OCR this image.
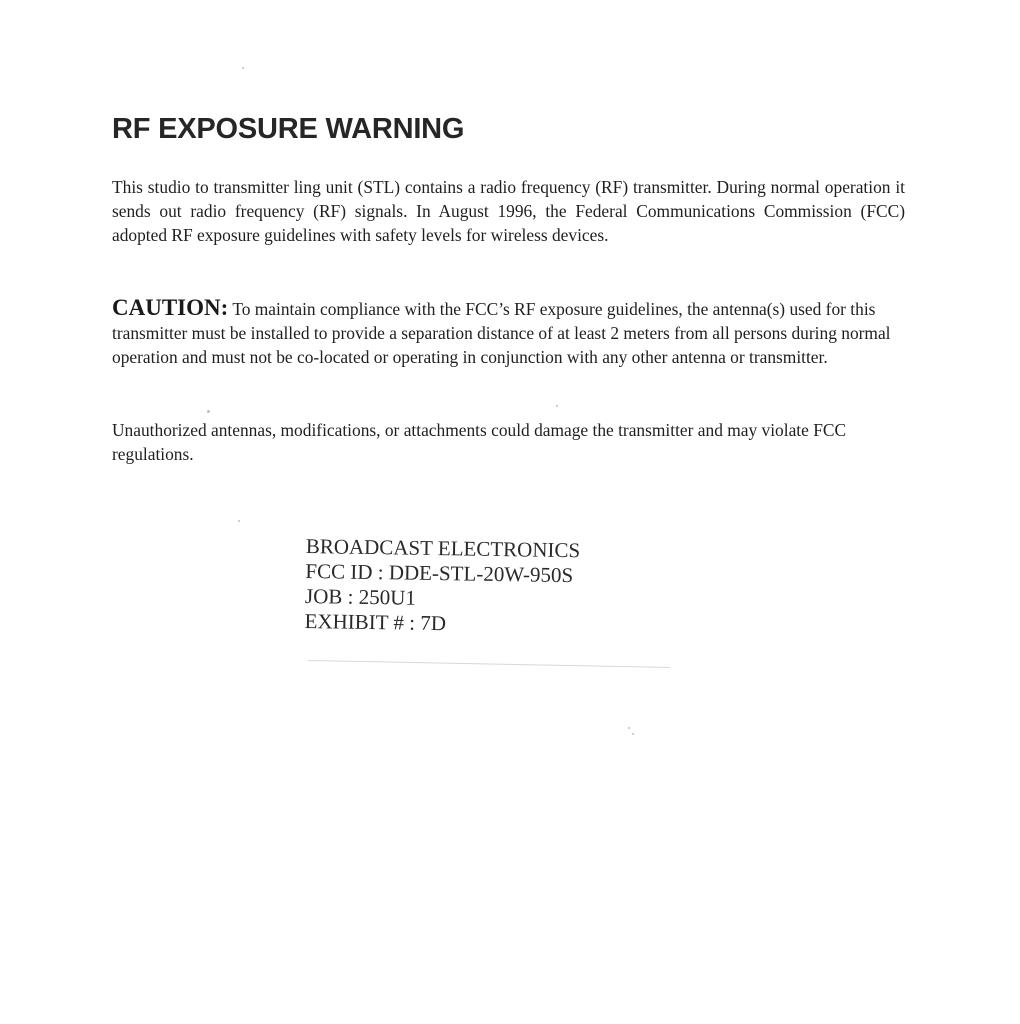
RF EXPOSURE WARNING

This studio to transmitter ling unit (STL) contains a radio frequency (RF) transmitter. During normal operation it sends out radio frequency (RF) signals. In August 1996, the Federal Communications Commission (FCC) adopted RF exposure guidelines with safety levels for wireless devices.

CAUTION: To maintain compliance with the FCC’s RF exposure guidelines, the antenna(s) used for this transmitter must be installed to provide a separation distance of at least 2 meters from all persons during normal operation and must not be co-located or operating in conjunction with any other antenna or transmitter.

Unauthorized antennas, modifications, or attachments could damage the transmitter and may violate FCC regulations.

BROADCAST ELECTRONICS
FCC ID : DDE-STL-20W-950S
JOB : 250U1
EXHIBIT # : 7D
